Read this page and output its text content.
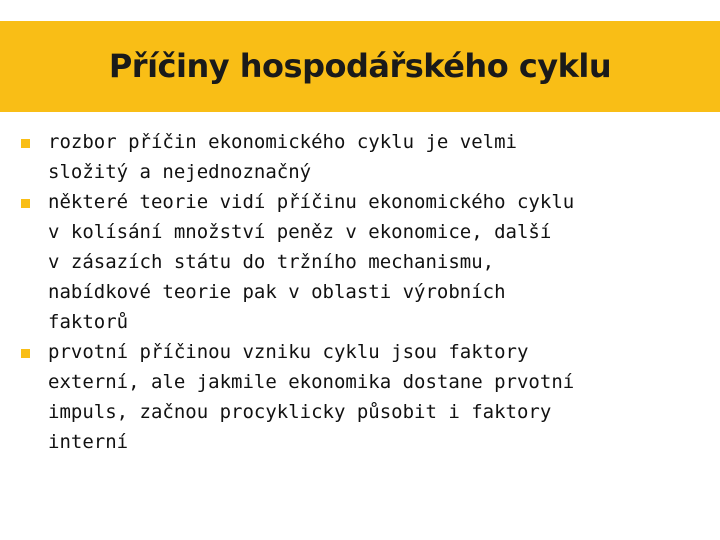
Příčiny hospodářského cyklu
rozbor příčin ekonomického cyklu je velmi
složitý a nejednoznačný
některé teorie vidí příčinu ekonomického cyklu
v kolísání množství peněz v ekonomice, další
v zásazích státu do tržního mechanismu,
nabídkové teorie pak v oblasti výrobních
faktorů
prvotní příčinou vzniku cyklu jsou faktory
externí, ale jakmile ekonomika dostane prvotní
impuls, začnou procyklicky působit i faktory
interní
